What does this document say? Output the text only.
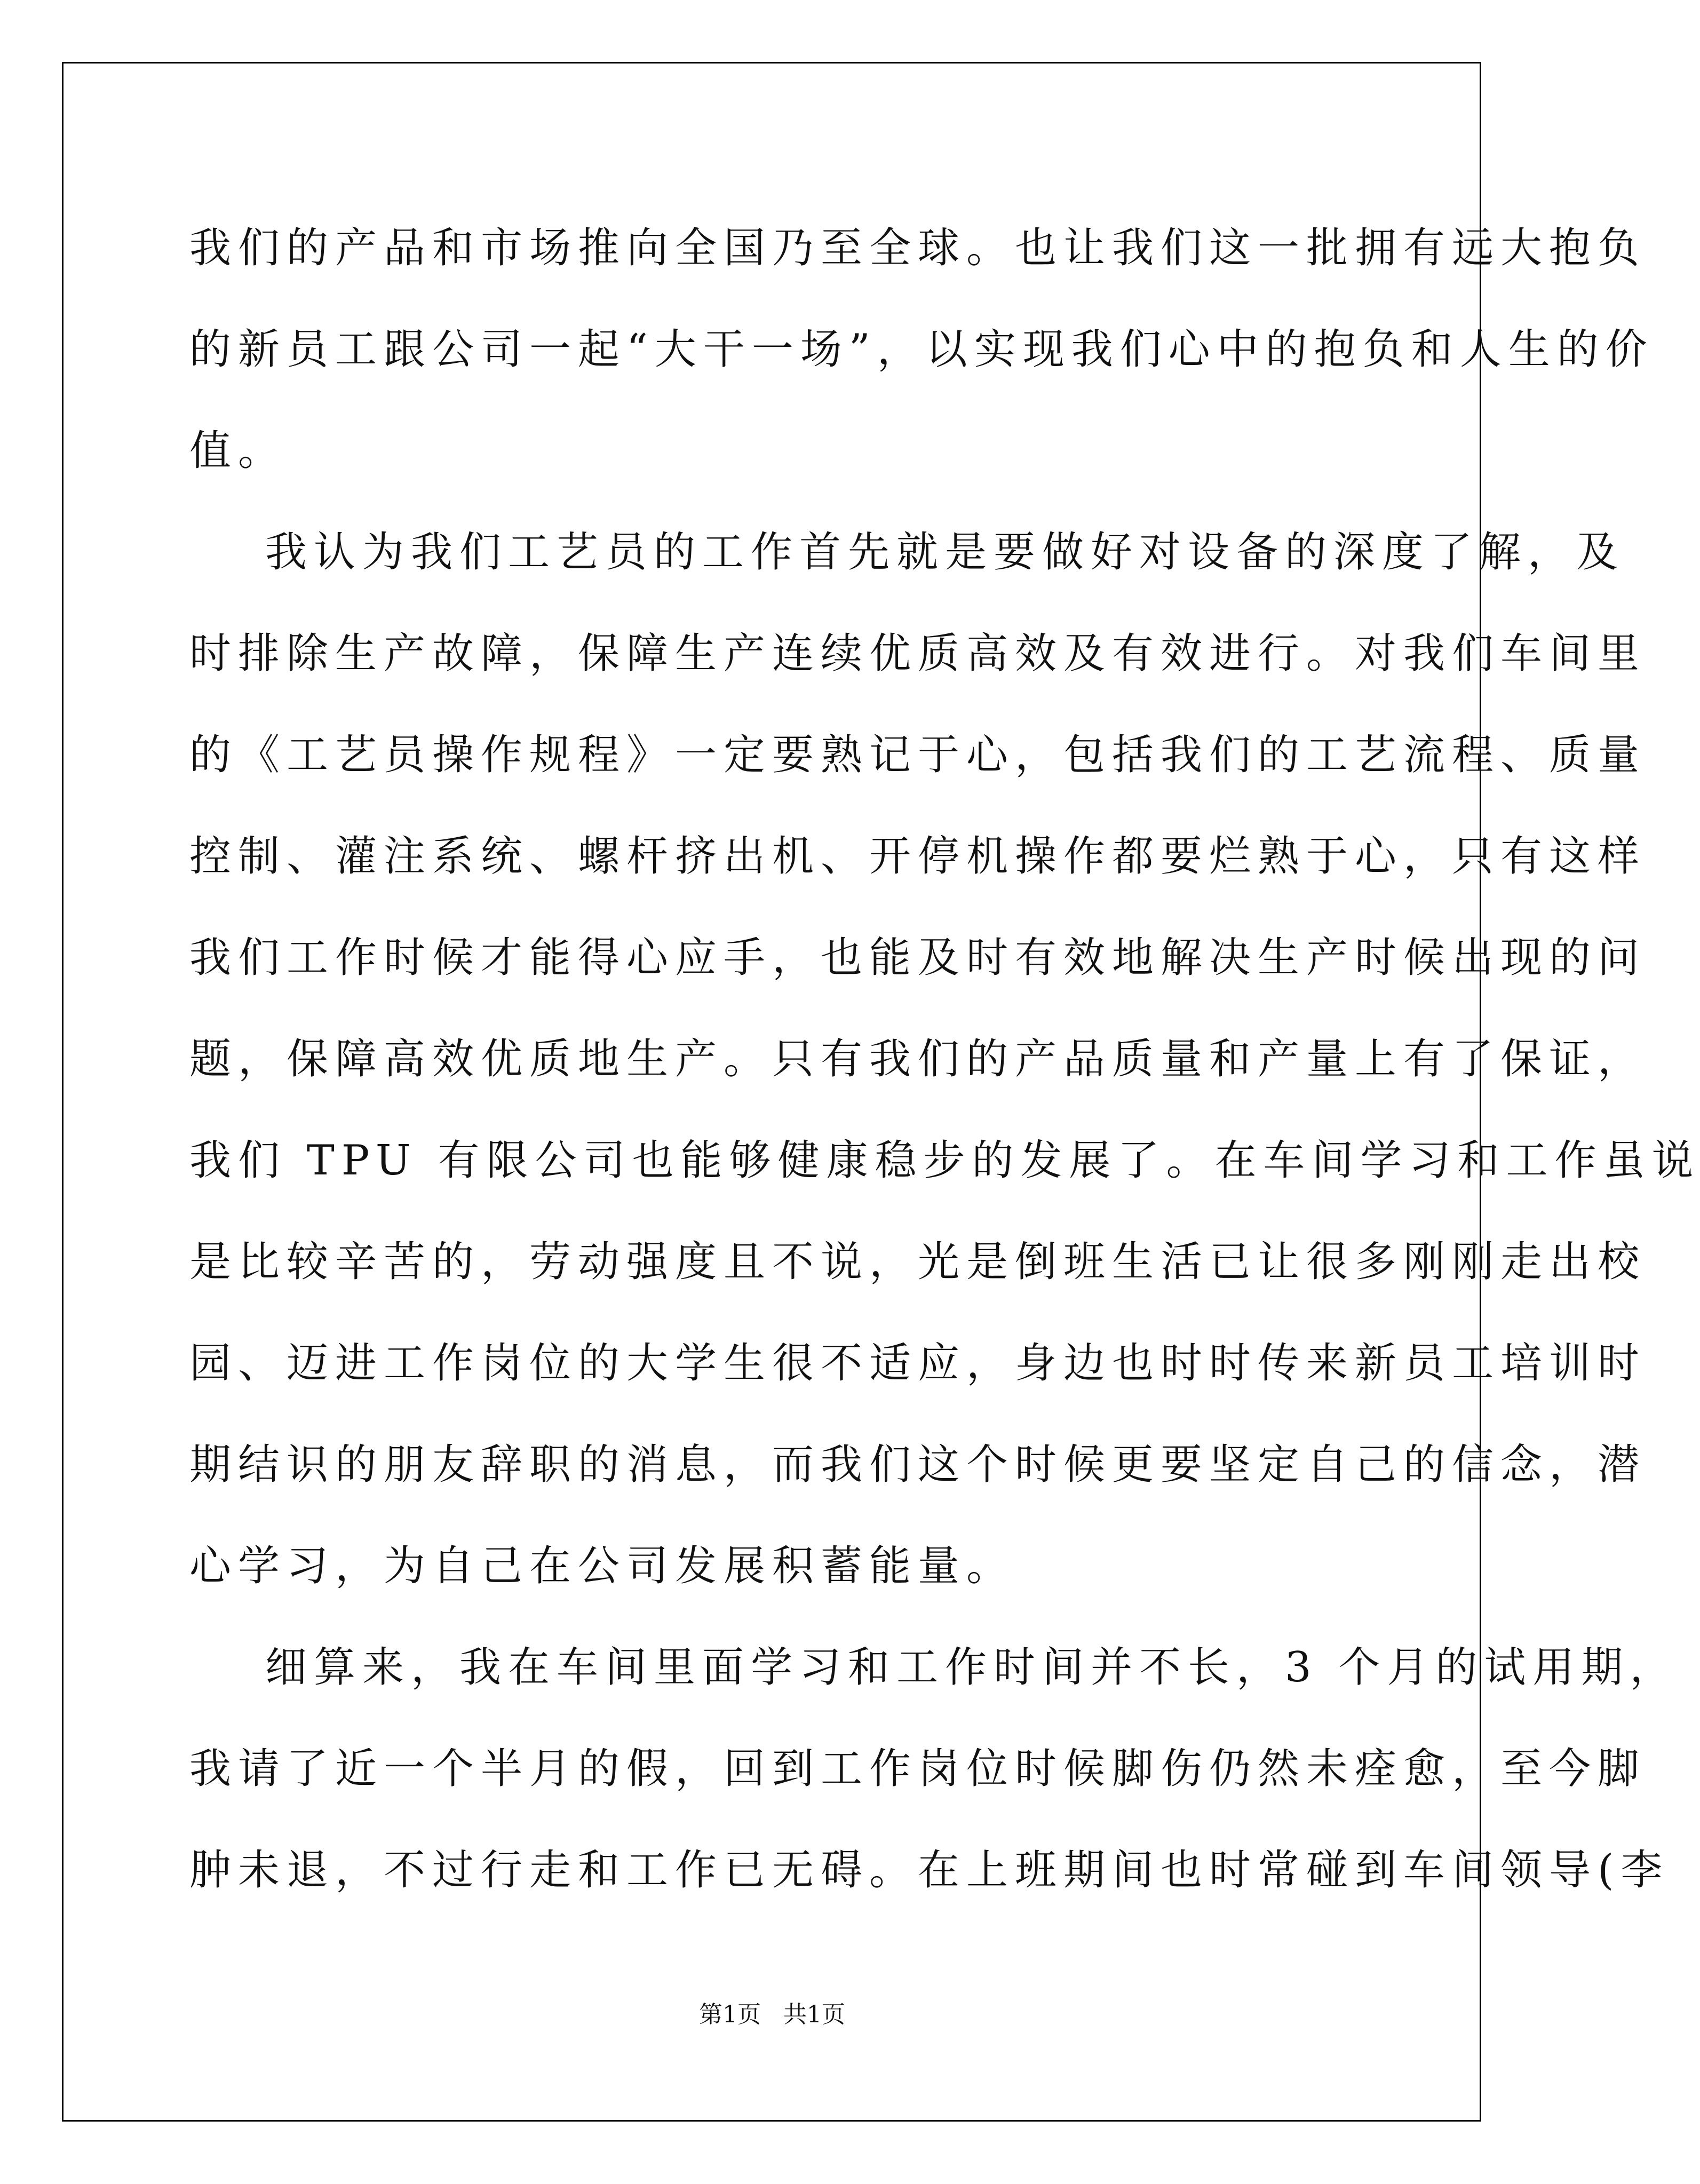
我们的产品和市场推向全国乃至全球。也让我们这一批拥有远大抱负
的新员工跟公司一起“大干一场”，以实现我们心中的抱负和人生的价
值。
我认为我们工艺员的工作首先就是要做好对设备的深度了解，及
时排除生产故障，保障生产连续优质高效及有效进行。对我们车间里
的《工艺员操作规程》一定要熟记于心，包括我们的工艺流程、质量
控制、灌注系统、螺杆挤出机、开停机操作都要烂熟于心，只有这样
我们工作时候才能得心应手，也能及时有效地解决生产时候出现的问
题，保障高效优质地生产。只有我们的产品质量和产量上有了保证，
我们 TPU 有限公司也能够健康稳步的发展了。在车间学习和工作虽说
是比较辛苦的，劳动强度且不说，光是倒班生活已让很多刚刚走出校
园、迈进工作岗位的大学生很不适应，身边也时时传来新员工培训时
期结识的朋友辞职的消息，而我们这个时候更要坚定自己的信念，潜
心学习，为自己在公司发展积蓄能量。
细算来，我在车间里面学习和工作时间并不长，3 个月的试用期，
我请了近一个半月的假，回到工作岗位时候脚伤仍然未痊愈，至今脚
肿未退，不过行走和工作已无碍。在上班期间也时常碰到车间领导(李
第1页   共1页
